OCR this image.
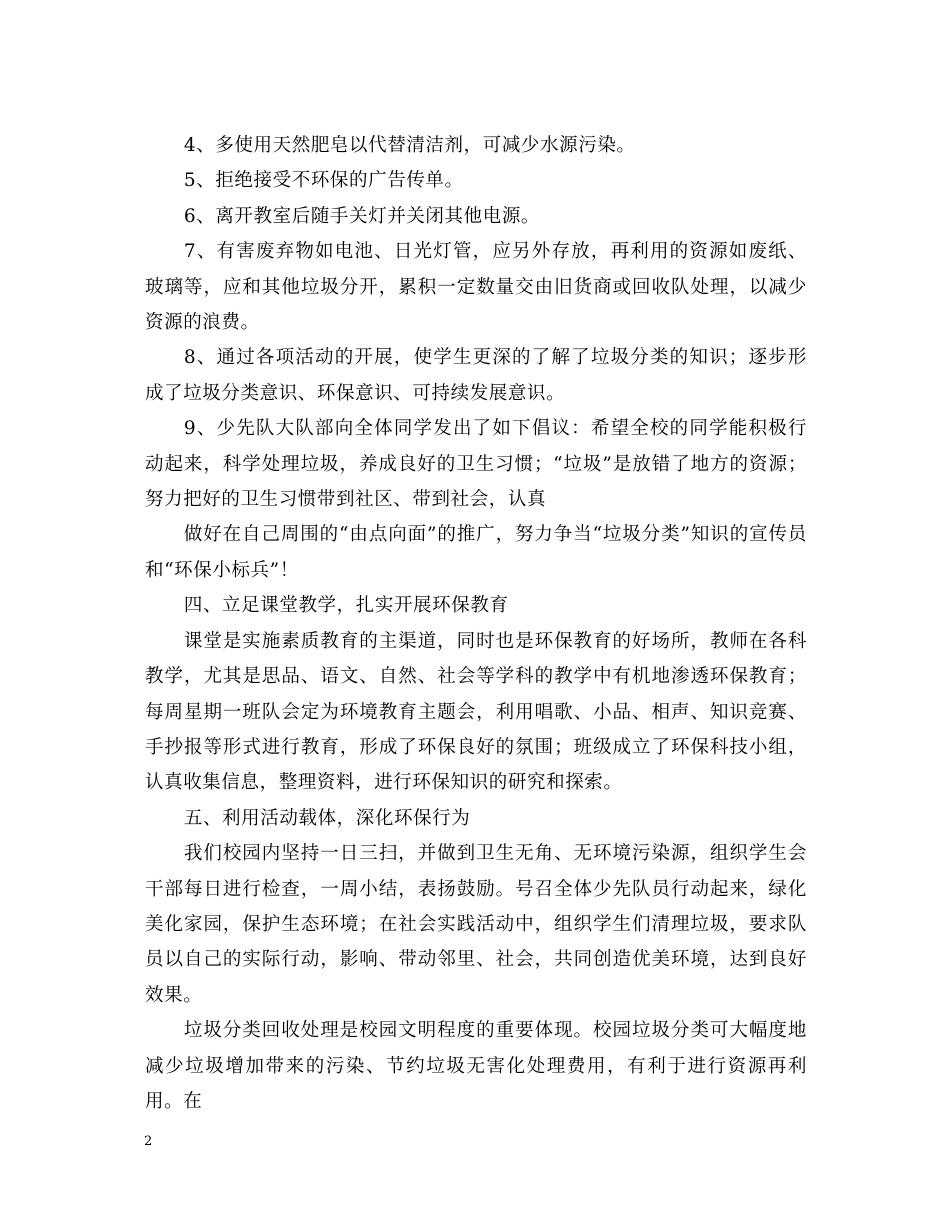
4、多使用天然肥皂以代替清洁剂，可减少水源污染。

5、拒绝接受不环保的广告传单。

6、离开教室后随手关灯并关闭其他电源。

7、有害废弃物如电池、日光灯管，应另外存放，再利用的资源如废纸、玻璃等，应和其他垃圾分开，累积一定数量交由旧货商或回收队处理，以减少资源的浪费。

8、通过各项活动的开展，使学生更深的了解了垃圾分类的知识；逐步形成了垃圾分类意识、环保意识、可持续发展意识。

9、少先队大队部向全体同学发出了如下倡议：希望全校的同学能积极行动起来，科学处理垃圾，养成良好的卫生习惯；“垃圾”是放错了地方的资源；努力把好的卫生习惯带到社区、带到社会，认真

做好在自己周围的“由点向面”的推广，努力争当“垃圾分类”知识的宣传员和“环保小标兵”！

四、立足课堂教学，扎实开展环保教育

课堂是实施素质教育的主渠道，同时也是环保教育的好场所，教师在各科教学，尤其是思品、语文、自然、社会等学科的教学中有机地渗透环保教育；每周星期一班队会定为环境教育主题会，利用唱歌、小品、相声、知识竞赛、手抄报等形式进行教育，形成了环保良好的氛围；班级成立了环保科技小组，认真收集信息，整理资料，进行环保知识的研究和探索。

五、利用活动载体，深化环保行为

我们校园内坚持一日三扫，并做到卫生无角、无环境污染源，组织学生会干部每日进行检查，一周小结，表扬鼓励。号召全体少先队员行动起来，绿化美化家园，保护生态环境；在社会实践活动中，组织学生们清理垃圾，要求队员以自己的实际行动，影响、带动邻里、社会，共同创造优美环境，达到良好效果。

垃圾分类回收处理是校园文明程度的重要体现。校园垃圾分类可大幅度地减少垃圾增加带来的污染、节约垃圾无害化处理费用，有利于进行资源再利用。在

2
